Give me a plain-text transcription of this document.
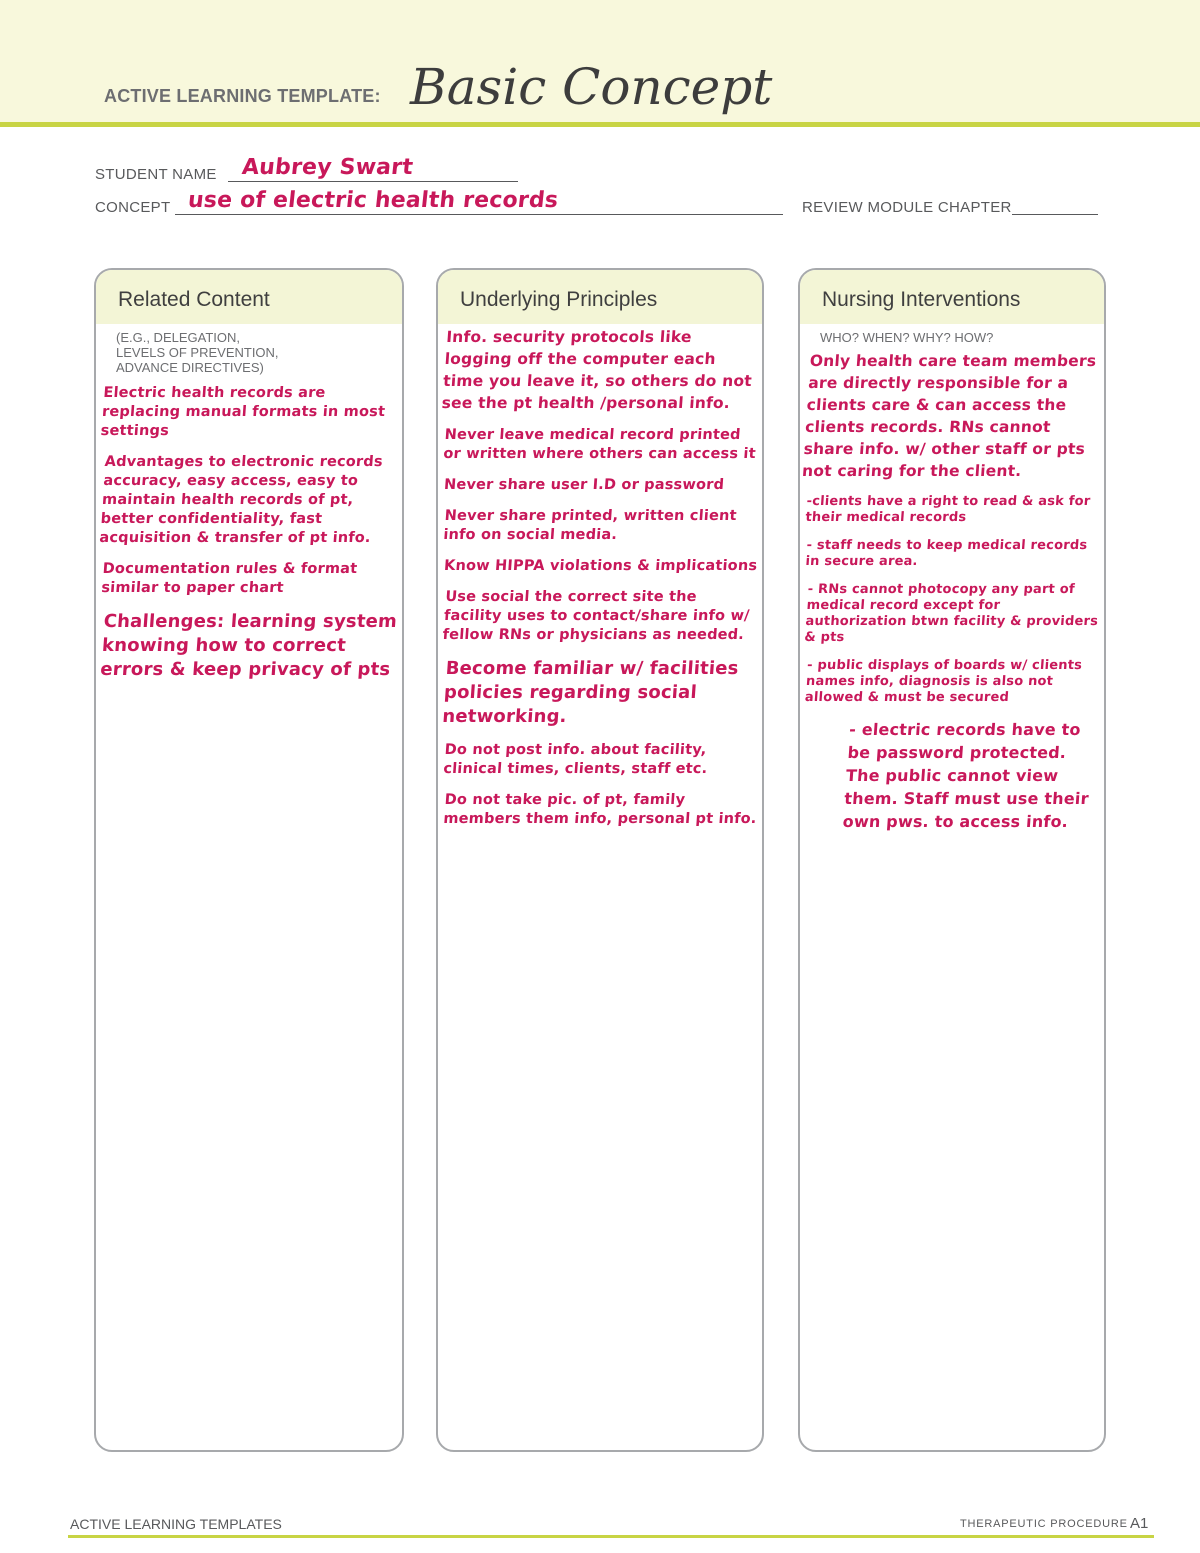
ACTIVE LEARNING TEMPLATE: Basic Concept
STUDENT NAME Aubrey Swart
CONCEPT use of electric health records	REVIEW MODULE CHAPTER
Related Content
(E.G., DELEGATION,
LEVELS OF PREVENTION,
ADVANCE DIRECTIVES)
Electric health records are replacing manual formats in most settings
Advantages to electronic records accuracy, easy access, easy to maintain health records of pt, better confidentiality, fast acquisition & transfer of pt info.
Documentation rules & format similar to paper chart
Challenges: learning system knowing how to correct errors & keep privacy of pts
Underlying Principles
Info. security protocols like logging off the computer each time you leave it, so others do not see the pt health /personal info.
Never leave medical record printed or written where others can access it
Never share user I.D or password
Never share printed, written client info on social media.
Know HIPPA violations & implications
Use social the correct site the facility uses to contact/share info w/ fellow RNs or physicians as needed.
Become familiar w/ facilities policies regarding social networking.
Do not post info. about facility, clinical times, clients, staff etc.
Do not take pic. of pt, family members them info, personal pt info.
Nursing Interventions
WHO? WHEN? WHY? HOW?
Only health care team members are directly responsible for a clients care & can access the clients records. RNs cannot share info. w/ other staff or pts not caring for the client.
-clients have a right to read & ask for their medical records
- staff needs to keep medical records in secure area.
- RNs cannot photocopy any part of medical record except for authorization btwn facility & providers & pts
- public displays of boards w/ clients names info, diagnosis is also not allowed & must be secured
- electric records have to be password protected. The public cannot view them. Staff must use their own pws. to access info.
ACTIVE LEARNING TEMPLATES	THERAPEUTIC PROCEDURE A1
